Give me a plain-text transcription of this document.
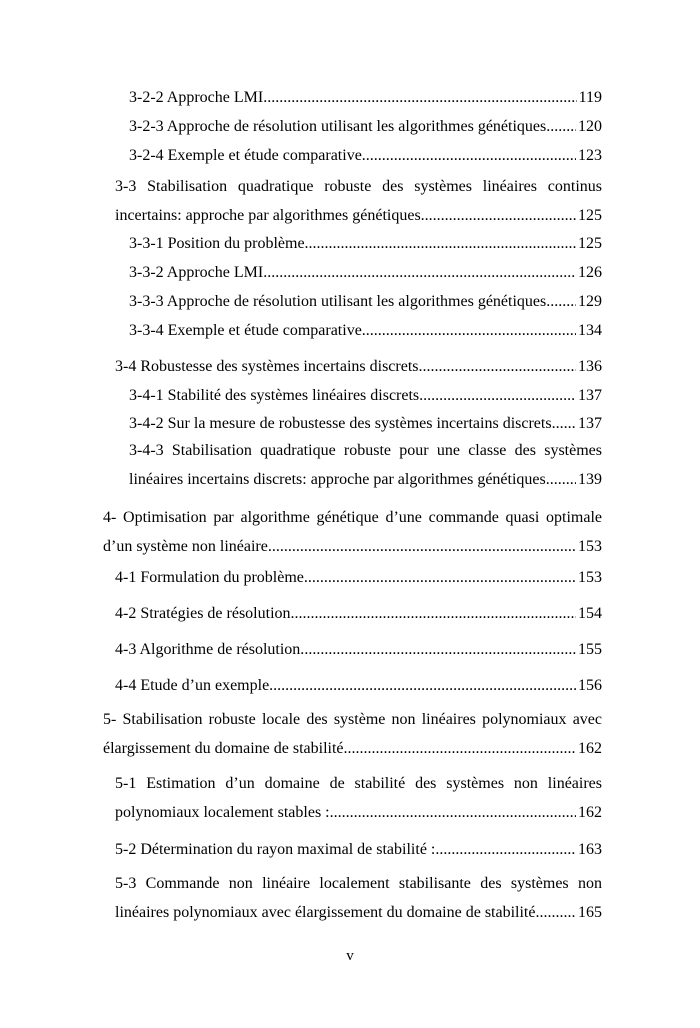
3-2-2 Approche LMI .....	119
3-2-3 Approche de résolution utilisant les algorithmes génétiques. ..... 120
3-2-4 Exemple et étude comparative. .....	123
3-3 Stabilisation quadratique robuste des systèmes linéaires continus
incertains: approche par algorithmes génétiques. .....	125
3-3-1 Position du problème .....	125
3-3-2 Approche LMI .....	126
3-3-3 Approche de résolution utilisant les algorithmes génétiques. ..... 129
3-3-4 Exemple et étude comparative. .....	134
3-4 Robustesse des systèmes incertains discrets .....	136
3-4-1 Stabilité des systèmes linéaires discrets .....	137
3-4-2 Sur la mesure de robustesse des systèmes incertains discrets ..... 137
3-4-3 Stabilisation quadratique robuste pour une classe des systèmes
linéaires incertains discrets: approche par algorithmes génétiques. ..... 139
4- Optimisation par algorithme génétique d’une commande quasi optimale
d’un système non linéaire. .....	153
4-1 Formulation du problème. .....	153
4-2 Stratégies de résolution. .....	154
4-3 Algorithme de résolution. .....	155
4-4 Etude d’un exemple .....	156
5- Stabilisation robuste locale des système non linéaires polynomiaux avec
élargissement du domaine de stabilité. .....	162
5-1 Estimation d’un domaine de stabilité des systèmes non linéaires
polynomiaux localement stables : .....	162
5-2 Détermination du rayon maximal de stabilité : .....	163
5-3 Commande non linéaire localement stabilisante des systèmes non
linéaires polynomiaux avec élargissement du domaine de stabilité .....	165
v
